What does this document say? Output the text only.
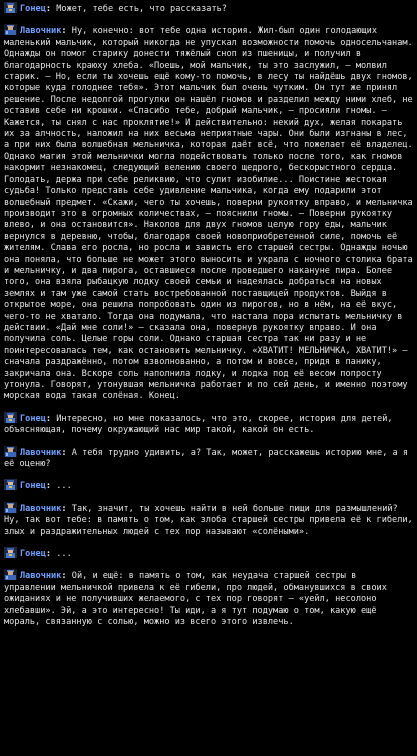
Гонец: Может, тебе есть, что рассказать?
Лавочник: Ну, конечно: вот тебе одна история. Жил-был один голодающих маленький мальчик, который никогда не упускал возможности помочь односельчанам. Однажды он помог старику донести тяжёлый сноп из пшеницы, и получил в благодарность краюху хлеба. «Поешь, мой мальчик, ты это заслужил, — молвил старик. — Но, если ты хочешь ещё кому-то помочь, в лесу ты найдёшь двух гномов, которые куда голоднее тебя». Этот мальчик был очень чутким. Он тут же принял решение. После недолгой прогулки он нашёл гномов и разделил между ними хлеб, не оставив себе ни крошки. «Спасибо тебе, добрый мальчик, — просияли гномы. — Кажется, ты снял с нас проклятие!» И действительно: некий дух, желая покарать их за алчность, наложил на них весьма неприятные чары. Они были изгнаны в лес, а при них была волшебная мельничка, которая даёт всё, что пожелает её владелец. Однако магия этой мельнички могла подействовать только после того, как гномов накормит незнакомец, следующий велению своего щедрого, бескорыстного сердца. Голодать, держа при себе реликвию, что сулит изобилие... Поистине жестокая судьба! Только представь себе удивление мальчика, когда ему подарили этот волшебный предмет. «Скажи, чего ты хочешь, поверни рукоятку вправо, и мельничка производит это в огромных количествах, — пояснили гномы. — Поверни рукоятку влево, и она остановится». Наколов для двух гномов целую гору еды, мальчик вернулся в деревню, чтобы, благодаря своей новоприобретенной силе, помочь её жителям. Слава его росла, но росла и зависть его старшей сестры. Однажды ночью она поняла, что больше не может этого выносить и украла с ночного столика брата и мельничку, и два пирога, оставшиеся после проведшего накануне пира. Более того, она взяла рыбацкую лодку своей семьи и надеялась добраться на новых землях и там уже самой стать востребованной поставщицей продуктов. Выйдя в открытое море, она решила попробовать один из пирогов, но в нём, на её вкус, чего-то не хватало. Тогда она подумала, что настала пора испытать мельничку в действии. «Дай мне соли!» — сказала она, повернув рукоятку вправо. И она получила соль. Целые горы соли. Однако старшая сестра так ни разу и не поинтересовалась тем, как остановить мельничку. «ХВАТИТ! МЕЛЬНИЧКА, ХВАТИТ!» — сначала раздражённо, потом взволнованно, а потом и вовсе, придя в панику, закричала она. Вскоре соль наполнила лодку, и лодка под её весом попросту утонула. Говорят, утонувшая мельничка работает и по сей день, и именно поэтому морская вода такая солёная. Конец.
Гонец: Интересно, но мне показалось, что это, скорее, история для детей, объясняющая, почему окружающий нас мир такой, какой он есть.
Лавочник: А тебя трудно удивить, а? Так, может, расскажешь историю мне, а я её оценю?
Гонец: ...
Лавочник: Так, значит, ты хочешь найти в ней больше пищи для размышлений? Ну, так вот тебе: в память о том, как злоба старшей сестры привела её к гибели, злых и раздражительных людей с тех пор называют «солёными».
Гонец: ...
Лавочник: Ой, и ещё: в память о том, как неудача старшей сестры в управлении мельничкой привела к её гибели, про людей, обманувшихся в своих ожиданиях и не получивших желаемого, с тех пор говорят — «уейл, несолоно хлебавши». Эй, а это интересно! Ты иди, а я тут подумаю о том, какую ещё мораль, связанную с солью, можно из всего этого извлечь.
